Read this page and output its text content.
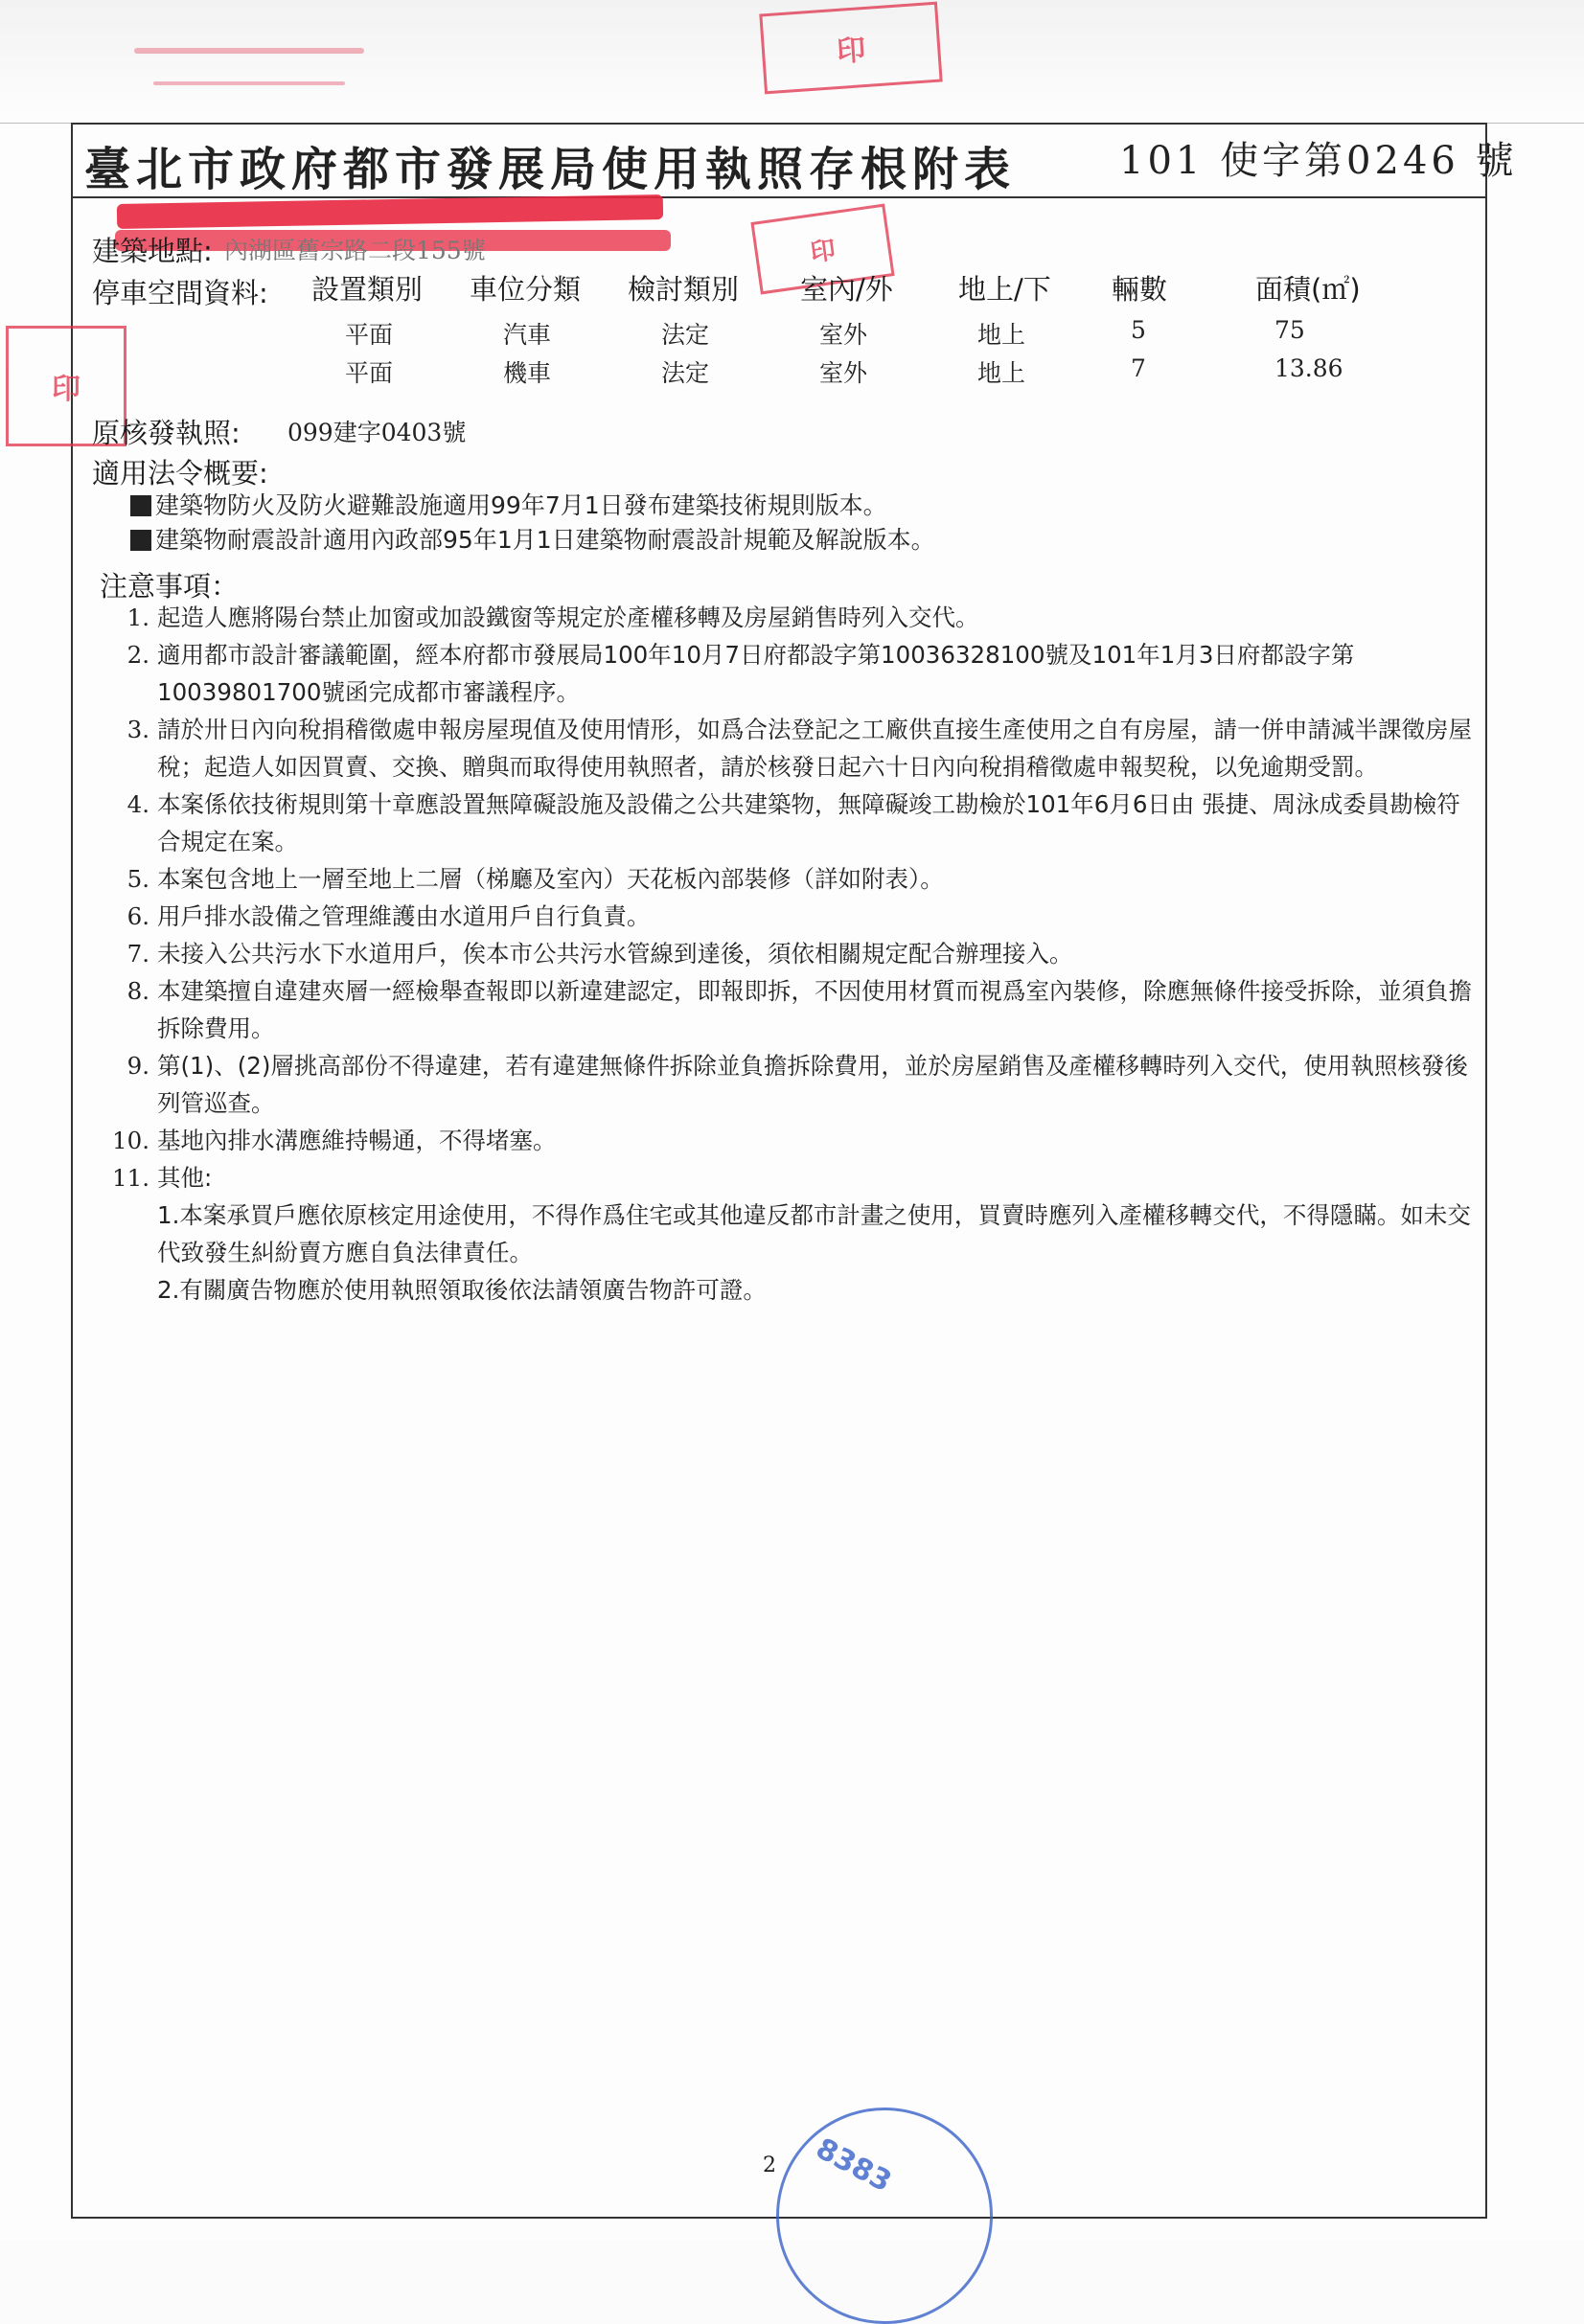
印
臺北市政府都市發展局使用執照存根附表	101 使字第0246 號
建築地點: 內湖區舊宗路二段155號	印
停車空間資料: 設置類別 車位分類 檢討類別 室內/外 地上/下 輛數	面積(㎡)
平面	汽車	法定	室外	地上	5	75
平面	機車	法定	室外	地上	7	13.86
印
原核發執照: 099建字0403號
適用法令概要:
建築物防火及防火避難設施適用99年7月1日發布建築技術規則版本。
建築物耐震設計適用內政部95年1月1日建築物耐震設計規範及解說版本。
注意事項：
1. 起造人應將陽台禁止加窗或加設鐵窗等規定於產權移轉及房屋銷售時列入交代。
2. 適用都市設計審議範圍，經本府都市發展局100年10月7日府都設字第10036328100號及101年1月3日府都設字第10039801700號函完成都市審議程序。
3. 請於卅日內向稅捐稽徵處申報房屋現值及使用情形，如爲合法登記之工廠供直接生產使用之自有房屋，請一併申請減半課徵房屋稅；起造人如因買賣、交換、贈與而取得使用執照者，請於核發日起六十日內向稅捐稽徵處申報契稅，以免逾期受罰。
4. 本案係依技術規則第十章應設置無障礙設施及設備之公共建築物，無障礙竣工勘檢於101年6月6日由 張捷、周泳成委員勘檢符合規定在案。
5. 本案包含地上一層至地上二層（梯廳及室內）天花板內部裝修（詳如附表）。
6. 用戶排水設備之管理維護由水道用戶自行負責。
7. 未接入公共污水下水道用戶，俟本市公共污水管線到達後，須依相關規定配合辦理接入。
8. 本建築擅自違建夾層一經檢舉查報即以新違建認定，即報即拆，不因使用材質而視爲室內裝修，除應無條件接受拆除，並須負擔拆除費用。
9. 第(1)、(2)層挑高部份不得違建，若有違建無條件拆除並負擔拆除費用，並於房屋銷售及產權移轉時列入交代，使用執照核發後列管巡查。
10. 基地內排水溝應維持暢通，不得堵塞。
11. 其他:
1.本案承買戶應依原核定用途使用，不得作爲住宅或其他違反都市計畫之使用，買賣時應列入產權移轉交代，不得隱瞞。如未交代致發生糾紛賣方應自負法律責任。
2.有關廣告物應於使用執照領取後依法請領廣告物許可證。
8383
2
